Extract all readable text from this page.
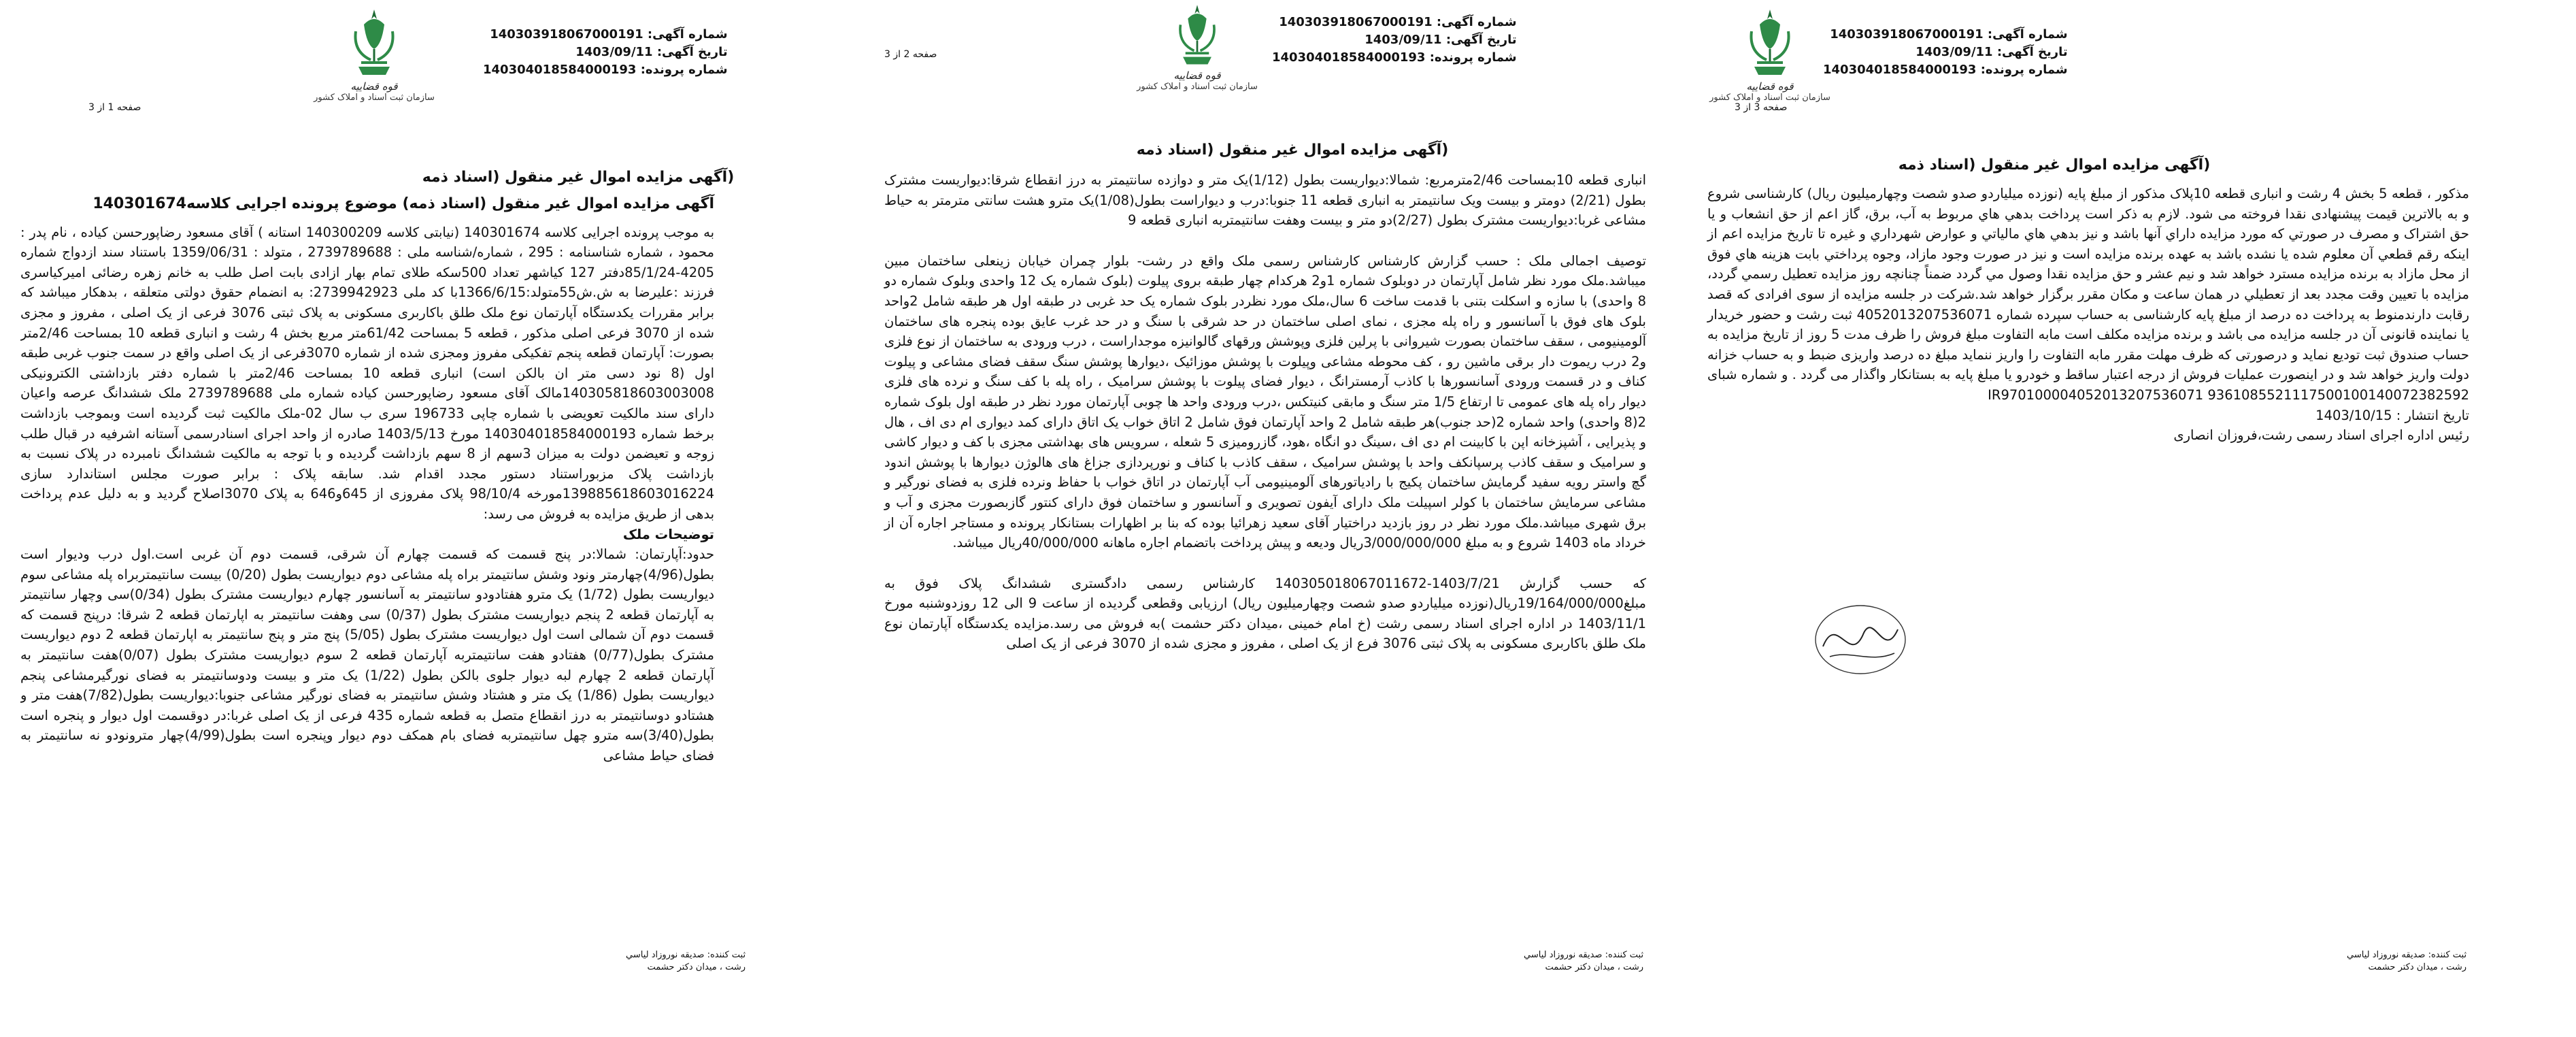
شماره آگهی: 140303918067000191
تاریخ آگهی: 1403/09/11
شماره پرونده: 140304018584000193
قوه قضاییه
سازمان ثبت اسناد و املاک کشور
صفحه 3 از 3
(آگهی مزایده اموال غیر منقول (اسناد ذمه
مذکور ، قطعه 5 بخش 4 رشت و انباری قطعه 10پلاک مذکور از مبلغ پایه (نوزده میلیاردو صدو شصت وچهارمیلیون ریال) کارشناسی شروع و به بالاترین قیمت پیشنهادی نقدا فروخته می شود. لازم به ذکر است پرداخت بدهي هاي مربوط به آب، برق، گاز اعم از حق انشعاب و يا حق اشتراک و مصرف در صورتي كه مورد مزايده داراي آنها باشد و نيز بدهي هاي مالياتي و عوارض شهرداري و غيره تا تاريخ مزايده اعم از اينكه رقم قطعي آن معلوم شده يا نشده باشد به عهده برنده مزايده است و نيز در صورت وجود مازاد، وجوه پرداختي بابت هزينه هاي فوق از محل مازاد به برنده مزايده مسترد خواهد شد و نيم عشر و حق مزايده نقدا وصول مي گردد ضمناً چنانچه روز مزايده تعطيل رسمي گردد، مزايده با تعيين وقت مجدد بعد از تعطيلي در همان ساعت و مكان مقرر برگزار خواهد شد.شرکت در جلسه مزایده از سوی افرادی که قصد رقابت دارندمنوط به پرداخت ده درصد از مبلغ پایه کارشناسی به حساب سپرده شماره 4052013207536071 ثبت رشت و حضور خریدار یا نماینده قانونی آن در جلسه مزایده می باشد و برنده مزایده مکلف است مابه التفاوت مبلغ فروش را ظرف مدت 5 روز از تاریخ مزایده به حساب صندوق ثبت تودیع نماید و درصورتی که ظرف مهلت مقرر مابه التفاوت را واریز ننماید مبلغ ده درصد واریزی ضبط و به حساب خزانه دولت واریز خواهد شد و در اینصورت عملیات فروش از درجه اعتبار ساقط و خودرو یا مبلغ پایه به بستانکار واگذار می گردد . و شماره شبای IR970100004052013207536071 9361085521117500100140072382592
تاریخ انتشار : 1403/10/15
رئیس اداره اجرای اسناد رسمی رشت،فروزان انصاری
ثبت کننده: صديقه نوروزاد لياسي
رشت ، ميدان دکتر حشمت
شماره آگهی: 140303918067000191
تاریخ آگهی: 1403/09/11
شماره پرونده: 140304018584000193
قوه قضاییه
سازمان ثبت اسناد و املاک کشور
صفحه 2 از 3
(آگهی مزایده اموال غیر منقول (اسناد ذمه
انباری قطعه 10بمساحت 2/46مترمربع: شمالا:دیواریست بطول (1/12)یک متر و دوازده سانتیمتر به درز انقطاع شرقا:دیواریست مشترک بطول (2/21) دومتر و بیست ویک سانتیمتر به انباری قطعه 11 جنوبا:درب و دیواراست بطول(1/08)یک مترو هشت سانتی مترمتر به حیاط مشاعی غربا:دیواریست مشترک بطول (2/27)دو متر و بیست وهفت سانتیمتربه انباری قطعه 9
توصیف اجمالی ملک : حسب گزارش کارشناس کارشناس رسمی ملک واقع در رشت- بلوار چمران خیابان زینعلی ساختمان مبین میباشد.ملک مورد نظر شامل آپارتمان در دوبلوک شماره 1و2 هرکدام چهار طبقه بروی پیلوت (بلوک شماره یک 12 واحدی وبلوک شماره دو 8 واحدی) با سازه و اسکلت بتنی با قدمت ساخت 6 سال،ملک مورد نظردر بلوک شماره یک حد غربی در طبقه اول هر طبقه شامل 2واحد بلوک های فوق با آسانسور و راه پله مجزی ، نمای اصلی ساختمان در حد شرقی با سنگ و در حد غرب عایق بوده پنجره های ساختمان آلومینیومی ، سقف ساختمان بصورت شیروانی با پرلین فلزی وپوشش ورقهای گالوانیزه موجداراست ، درب ورودی به ساختمان از نوع فلزی و2 درب ریموت دار برقی ماشین رو ، کف محوطه مشاعی وپیلوت با پوشش موزائیک ،دیوارها پوشش سنگ سقف فضای مشاعی و پیلوت کناف و در قسمت ورودی آسانسورها با کاذب آرمسترانگ ، دیوار فضای پیلوت با پوشش سرامیک ، راه پله با کف سنگ و نرده های فلزی دیوار راه پله های عمومی تا ارتفاع 1/5 متر سنگ و مابقی کنیتکس ،درب ورودی واحد ها چوبی آپارتمان مورد نظر در طبقه اول بلوک شماره 2(8 واحدی) واحد شماره 2(حد جنوب)هر طبقه شامل 2 واحد آپارتمان فوق شامل 2 اتاق خواب یک اتاق دارای کمد دیواری ام دی اف ، هال و پذیرایی ، آشپزخانه اپن با کابینت ام دی اف ،سینگ دو انگاه ،هود، گازرومیزی 5 شعله ، سرویس های بهداشتی مجزی با کف و دیوار کاشی و سرامیک و سقف کاذب پرسپانکف واحد با پوشش سرامیک ، سقف کاذب با کناف و نورپردازی جزاغ های هالوژن دیوارها با پوشش اندود گچ واستر رویه سفید گرمایش ساختمان پکیج با رادیاتورهای آلومینیومی آب آپارتمان در اتاق خواب با حفاظ ونرده فلزی به فضای نورگیر و مشاعی سرمایش ساختمان با کولر اسپیلت ملک دارای آیفون تصویری و آسانسور و ساختمان فوق دارای کنتور گازبصورت مجزی و آب و برق شهری میباشد.ملک مورد نظر در روز بازدید دراختیار آقای سعید زهرائیا بوده که بنا بر اظهارات بستانکار پرونده و مستاجر اجاره آن از خرداد ماه 1403 شروع و به مبلغ 3/000/000/000ریال ودیعه و پیش پرداخت باتضمام اجاره ماهانه 40/000/000ریال میباشد.
که حسب گزارش 1403/7/21-140305018067011672 کارشناس رسمی دادگستری ششدانگ پلاک فوق به مبلغ19/164/000/000ریال(نوزده میلیاردو صدو شصت وچهارمیلیون ریال) ارزیابی وقطعی گردیده از ساعت 9 الی 12 روزدوشنبه مورخ 1403/11/1 در اداره اجرای اسناد رسمی رشت (خ امام خمینی ،میدان دکتر حشمت )به فروش می رسد.مزایده یکدستگاه آپارتمان نوع ملک طلق باکاربری مسکونی به پلاک ثبتی 3076 فرع از یک اصلی ، مفروز و مجزی شده از 3070 فرعی از یک اصلی
ثبت کننده: صديقه نوروزاد لياسي
رشت ، ميدان دکتر حشمت
شماره آگهی: 140303918067000191
تاریخ آگهی: 1403/09/11
شماره پرونده: 140304018584000193
قوه قضاییه
سازمان ثبت اسناد و املاک کشور
صفحه 1 از 3
(آگهی مزایده اموال غیر منقول (اسناد ذمه
آگهی مزایده اموال غیر منقول (اسناد ذمه) موضوع پرونده اجرایی کلاسه140301674
به موجب پرونده اجرایی کلاسه 140301674 (نیابتی کلاسه 140300209 استانه ) آقای مسعود رضاپورحسن کیاده ، نام پدر : محمود ، شماره شناسنامه : 295 ، شماره/شناسه ملی : 2739789688 ، متولد : 1359/06/31 باستناد سند ازدواج شماره 4205-85/1/24دفتر 127 کیاشهر تعداد 500سکه طلای تمام بهار ازادی بابت اصل طلب به خانم زهره رضائی امیرکیاسری فرزند :علیرضا به ش.ش55متولد:1366/6/15با کد ملی 2739942923: به انضمام حقوق دولتی متعلقه ، بدهکار میباشد که برابر مقررات یکدستگاه آپارتمان نوع ملک طلق باکاربری مسکونی به پلاک ثبتی 3076 فرعی از یک اصلی ، مفروز و مجزی شده از 3070 فرعی اصلی مذکور ، قطعه 5 بمساحت 61/42متر مربع بخش 4 رشت و انباری قطعه 10 بمساحت 2/46متر بصورت: آپارتمان قطعه پنجم تفکیکی مفروز ومجزی شده از شماره 3070فرعی از یک اصلی واقع در سمت جنوب غربی طبقه اول (8 نود دسی متر ان بالکن است) انباری قطعه 10 بمساحت 2/46متر با شماره دفتر بازداشتی الکترونیکی 140305818603003008مالک آقای مسعود رضاپورحسن کیاده شماره ملی 2739789688 ملک ششدانگ عرصه واعیان دارای سند مالکیت تعویضی با شماره چاپی 196733 سری ب سال 02-ملک مالکیت ثبت گردیده است وبموجب بازداشت برخط شماره 140304018584000193 مورخ 1403/5/13 صادره از واحد اجرای اسنادرسمی آستانه اشرفیه در قبال طلب زوجه و تعیضمن دولت به میزان 3سهم از 8 سهم بازداشت گردیده و با توجه به مالکیت ششدانگ نامبرده در پلاک نسبت به بازداشت پلاک مزبوراستناد دستور مجدد اقدام شد. سابقه پلاک : برابر صورت مجلس استاندارد سازی 139885618603016224مورخه 98/10/4 پلاک مفروزی از 645و646 به پلاک 3070اصلاح گردید و به دلیل عدم پرداخت بدهی از طریق مزایده به فروش می رسد:
توضیحات ملک
حدود:آپارتمان: شمالا:در پنج قسمت که قسمت چهارم آن شرقی، قسمت دوم آن غربی است.اول درب ودیوار است بطول(4/96)چهارمتر ونود وشش سانتیمتر براه پله مشاعی دوم دیواریست بطول (0/20) بیست سانتیمتربراه پله مشاعی سوم دیواریست بطول (1/72) یک مترو هفتادودو سانتیمتر به آسانسور چهارم دیواریست مشترک بطول (0/34)سی وچهار سانتیمتر به آپارتمان قطعه 2 پنجم دیواریست مشترک بطول (0/37) سی وهفت سانتیمتر به اپارتمان قطعه 2 شرقا: درپنج قسمت که قسمت دوم آن شمالی است اول دیواریست مشترک بطول (5/05) پنج متر و پنج سانتیمتر به اپارتمان قطعه 2 دوم دیواریست مشترک بطول(0/77) هفتادو هفت سانتیمتربه آپارتمان قطعه 2 سوم دیواریست مشترک بطول (0/07)هفت سانتیمتر به آپارتمان قطعه 2 چهارم لبه دیوار جلوی بالکن بطول (1/22) یک متر و بیست ودوسانتیمتر به فضای نورگیرمشاعی پنجم دیواریست بطول (1/86) یک متر و هشتاد وشش سانتیمتر به فضای نورگیر مشاعی جنوبا:دیواریست بطول(7/82)هفت متر و هشتادو دوسانتیمتر به درز انقطاع متصل به قطعه شماره 435 فرعی از یک اصلی غربا:در دوقسمت اول دیوار و پنجره است بطول(3/40)سه مترو چهل سانتیمتربه فضای بام همکف دوم دیوار وپنجره است بطول(4/99)چهار مترونودو نه سانتیمتر به فضای حیاط مشاعی
ثبت کننده: صديقه نوروزاد لياسي
رشت ، ميدان دکتر حشمت
